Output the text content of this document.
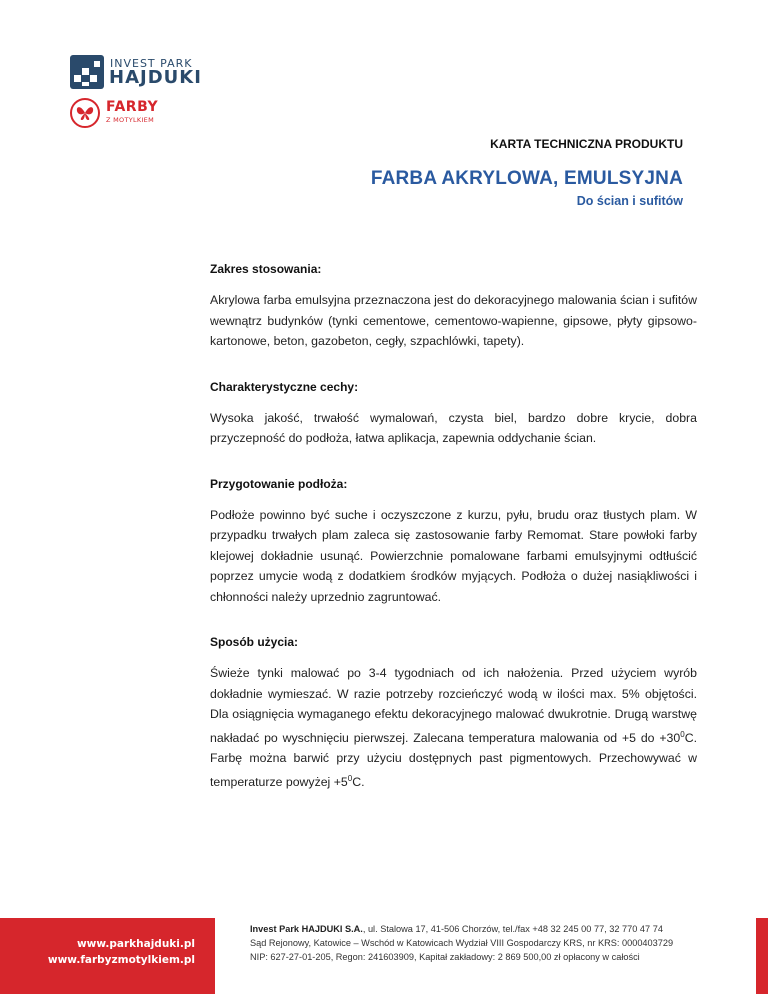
INVEST PARK
HAJDUKI
FARBY
Z MOTYLKIEM
KARTA TECHNICZNA PRODUKTU
FARBA AKRYLOWA, EMULSYJNA
Do ścian i sufitów
Zakres stosowania:
Akrylowa farba emulsyjna przeznaczona jest do dekoracyjnego malowania ścian i sufitów wewnątrz budynków (tynki cementowe, cementowo-wapienne, gipsowe, płyty gipsowo-kartonowe, beton, gazobeton, cegły, szpachlówki, tapety).
Charakterystyczne cechy:
Wysoka jakość, trwałość wymalowań, czysta biel, bardzo dobre krycie, dobra przyczepność do podłoża, łatwa aplikacja, zapewnia oddychanie ścian.
Przygotowanie podłoża:
Podłoże powinno być suche i oczyszczone z kurzu, pyłu, brudu oraz tłustych plam. W przypadku trwałych plam zaleca się zastosowanie farby Remomat. Stare powłoki farby klejowej dokładnie usunąć. Powierzchnie pomalowane farbami emulsyjnymi odtłuścić poprzez umycie wodą z dodatkiem środków myjących. Podłoża o dużej nasiąkliwości i chłonności należy uprzednio zagruntować.
Sposób użycia:
Świeże tynki malować po 3-4 tygodniach od ich nałożenia. Przed użyciem wyrób dokładnie wymieszać. W razie potrzeby rozcieńczyć wodą w ilości max. 5% objętości. Dla osiągnięcia wymaganego efektu dekoracyjnego malować dwukrotnie. Drugą warstwę nakładać po wyschnięciu pierwszej. Zalecana temperatura malowania od +5 do $+30^0C$. Farbę można barwić przy użyciu dostępnych past pigmentowych. Przechowywać w temperaturze powyżej $+5^0C$.
www.parkhajduki.pl
www.farbyzmotylkiem.pl
Invest Park HAJDUKI S.A., ul. Stalowa 17, 41-506 Chorzów, tel./fax +48 32 245 00 77, 32 770 47 74
Sąd Rejonowy, Katowice – Wschód w Katowicach Wydział VIII Gospodarczy KRS, nr KRS: 0000403729
NIP: 627-27-01-205, Regon: 241603909, Kapitał zakładowy: 2 869 500,00 zł opłacony w całości
